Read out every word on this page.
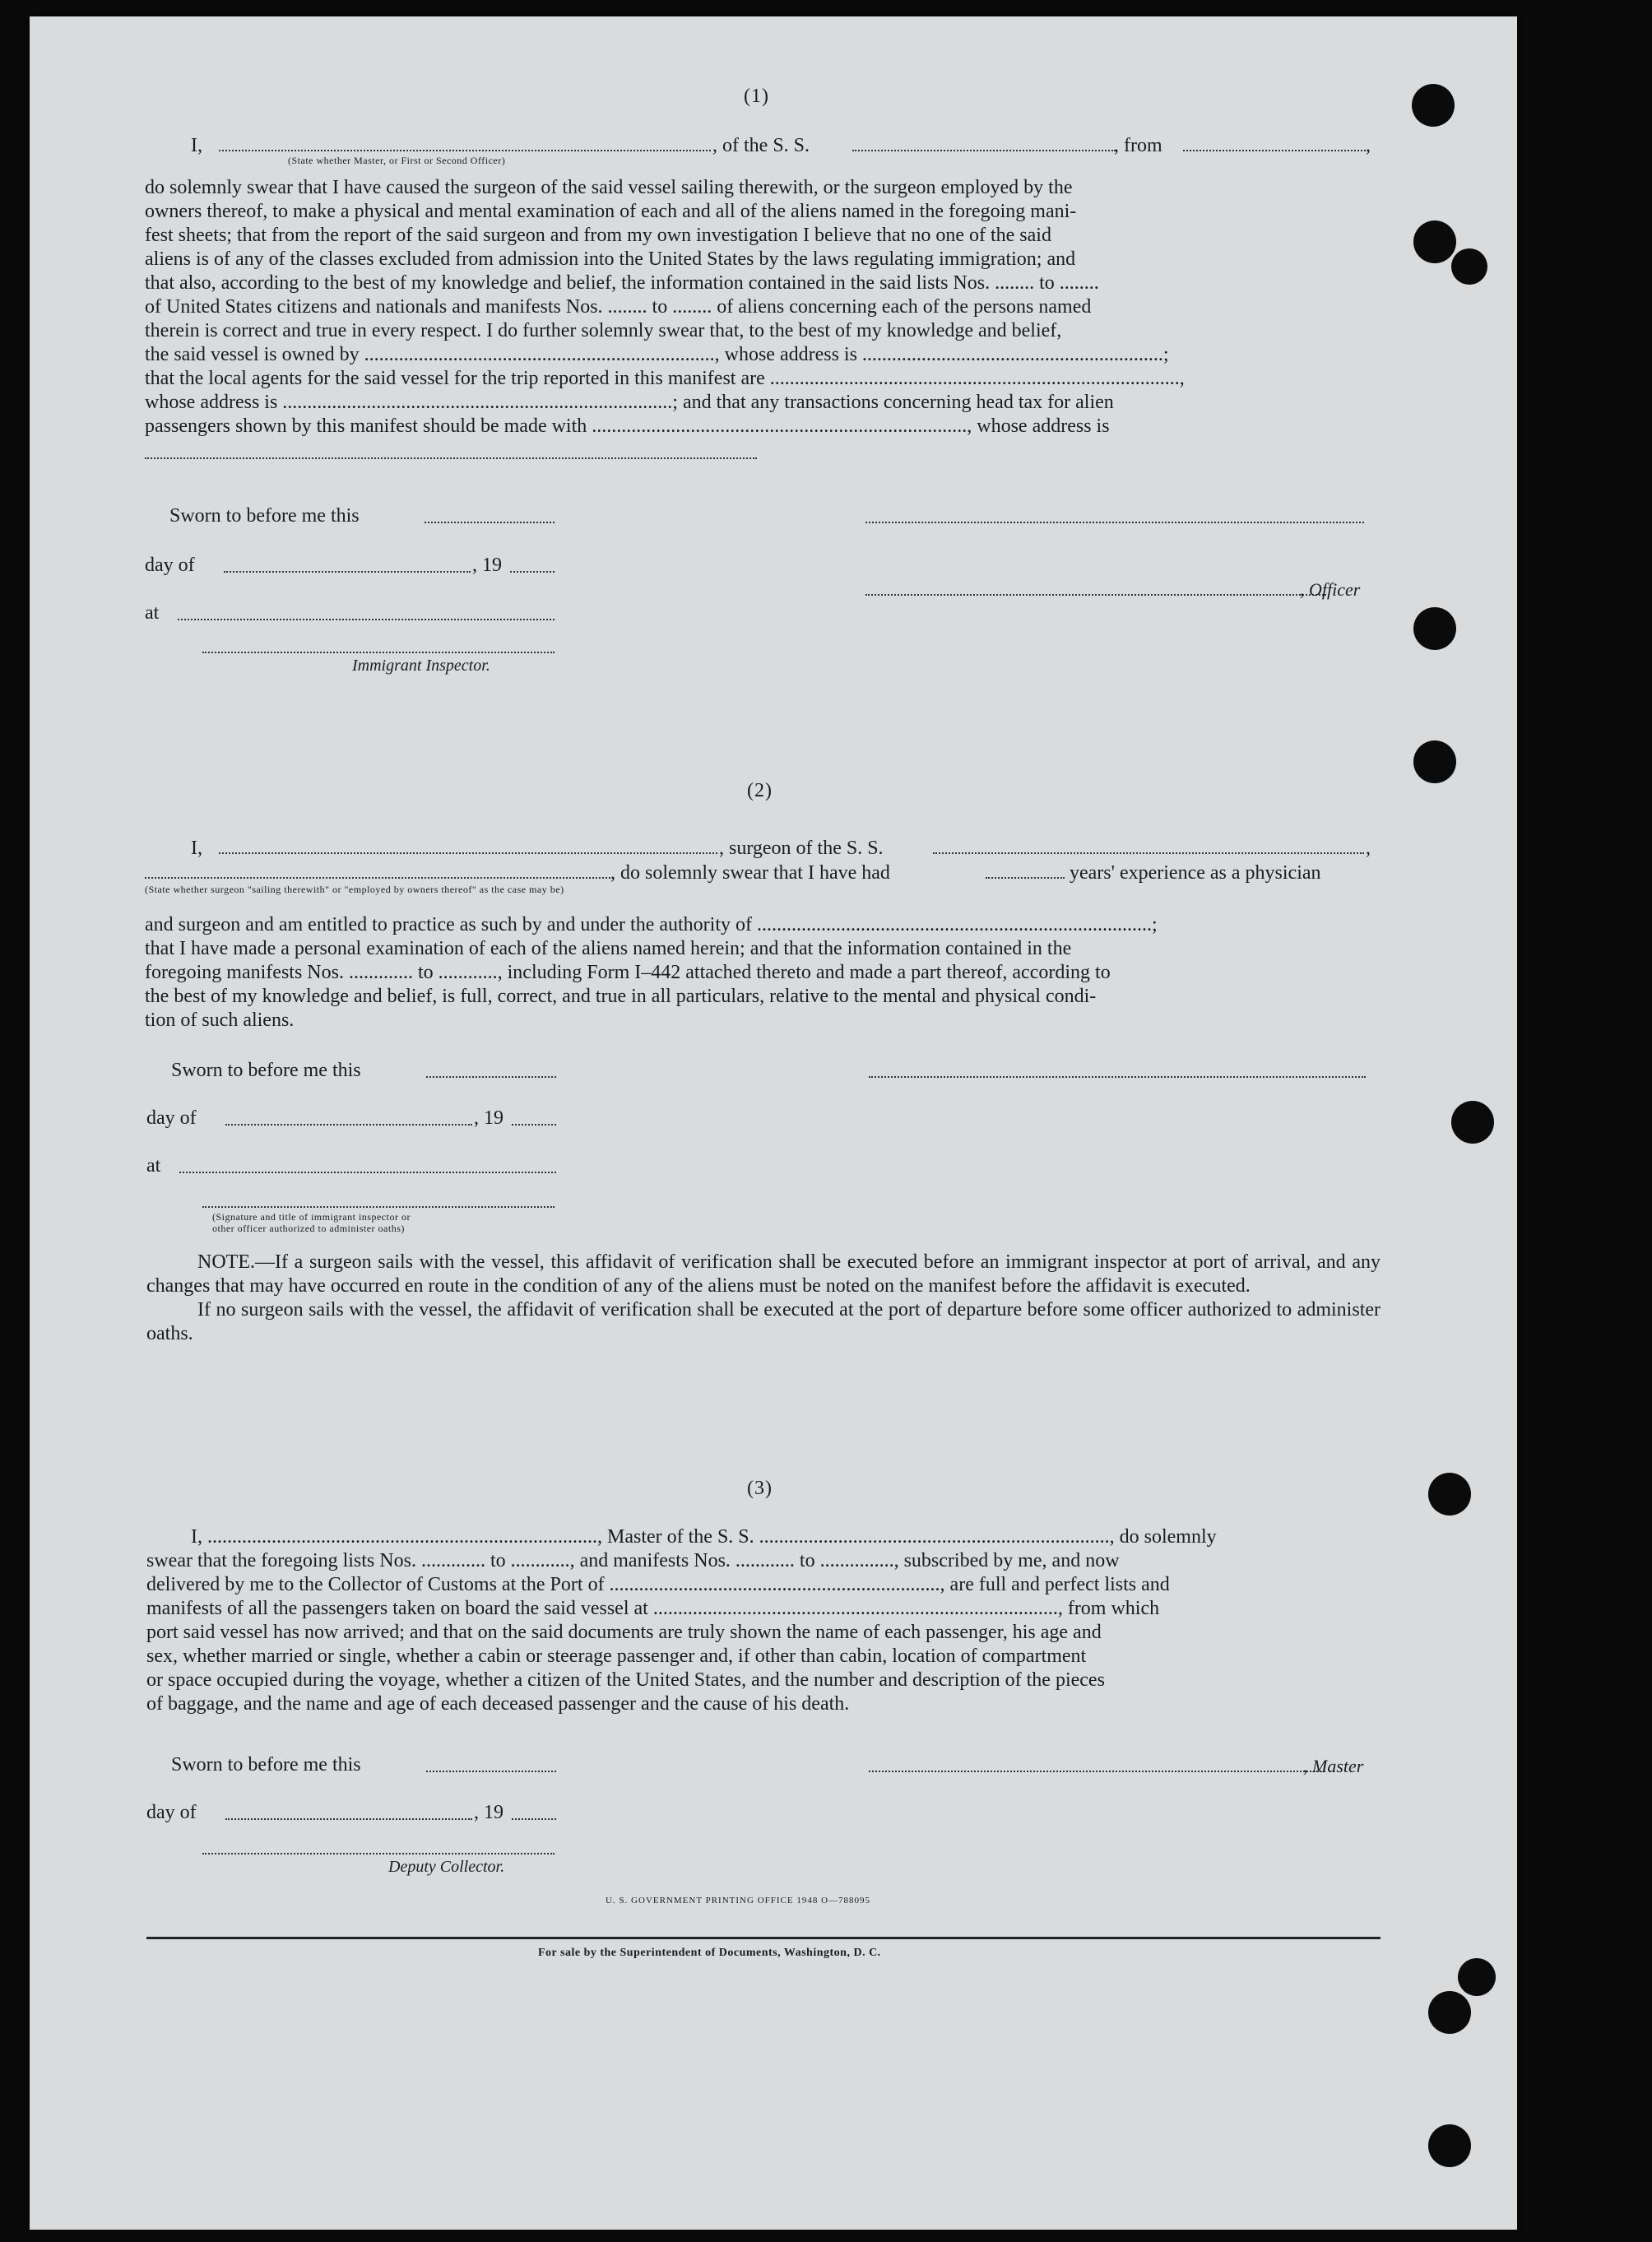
(1)
I,	, of the S. S.	, from	,
(State whether Master, or First or Second Officer)

do solemnly swear that I have caused the surgeon of the said vessel sailing therewith, or the surgeon employed by the

owners thereof, to make a physical and mental examination of each and all of the aliens named in the foregoing mani-

fest sheets; that from the report of the said surgeon and from my own investigation I believe that no one of the said

aliens is of any of the classes excluded from admission into the United States by the laws regulating immigration; and

that also, according to the best of my knowledge and belief, the information contained in the said lists Nos. ........ to ........

of United States citizens and nationals and manifests Nos. ........ to ........ of aliens concerning each of the persons named

therein is correct and true in every respect. I do further solemnly swear that, to the best of my knowledge and belief,

the said vessel is owned by ......................................................................., whose address is .............................................................;

that the local agents for the said vessel for the trip reported in this manifest are ...................................................................................,

whose address is ...............................................................................; and that any transactions concerning head tax for alien

passengers shown by this manifest should be made with ............................................................................, whose address is

Sworn to before me this
day of	, 19
at
, Officer
Immigrant Inspector.
(2)
I,	, surgeon of the S. S.	,
, do solemnly swear that I have had	years' experience as a physician
(State whether surgeon "sailing therewith" or "employed by owners thereof" as the case may be)

and surgeon and am entitled to practice as such by and under the authority of ................................................................................;

that I have made a personal examination of each of the aliens named herein; and that the information contained in the

foregoing manifests Nos. ............. to ............, including Form I–442 attached thereto and made a part thereof, according to

the best of my knowledge and belief, is full, correct, and true in all particulars, relative to the mental and physical condi-

tion of such aliens.

Sworn to before me this
day of	, 19
at
(Signature and title of immigrant inspector or
other officer authorized to administer oaths)

NOTE.—If a surgeon sails with the vessel, this affidavit of verification shall be executed before an immigrant inspector at port of arrival, and any changes that may have occurred en route in the condition of any of the aliens must be noted on the manifest before the affidavit is executed.

If no surgeon sails with the vessel, the affidavit of verification shall be executed at the port of departure before some officer authorized to administer oaths.

(3)

I, ..............................................................................., Master of the S. S. ......................................................................., do solemnly

swear that the foregoing lists Nos. ............. to ............, and manifests Nos. ............ to ..............., subscribed by me, and now

delivered by me to the Collector of Customs at the Port of ..................................................................., are full and perfect lists and

manifests of all the passengers taken on board the said vessel at .................................................................................., from which

port said vessel has now arrived; and that on the said documents are truly shown the name of each passenger, his age and

sex, whether married or single, whether a cabin or steerage passenger and, if other than cabin, location of compartment

or space occupied during the voyage, whether a citizen of the United States, and the number and description of the pieces

of baggage, and the name and age of each deceased passenger and the cause of his death.

Sworn to before me this	, Master
day of	, 19
Deputy Collector.
U. S. GOVERNMENT PRINTING OFFICE 1948 O—788095
For sale by the Superintendent of Documents, Washington, D. C.
